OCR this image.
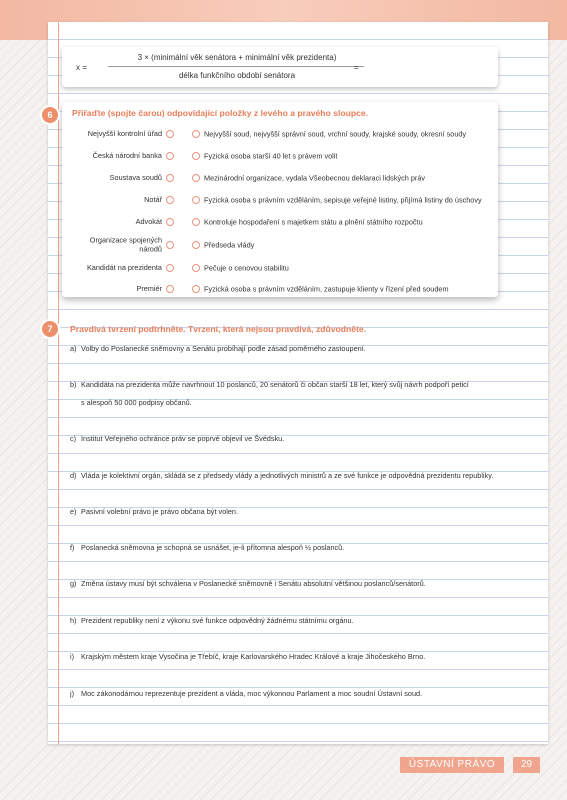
x =
3 × (minimální věk senátora + minimální věk prezidenta)
délka funkčního období senátora
=
6	Přiřaďte (spojte čarou) odpovídající položky z levého a pravého sloupce.
Nejvyšší kontrolní úřad	Nejvyšší soud, nejvyšší správní soud, vrchní soudy, krajské soudy, okresní soudy
Česká národní banka	Fyzická osoba starší 40 let s právem volit
Soustava soudů	Mezinárodní organizace, vydala Všeobecnou deklaraci lidských práv
Notář	Fyzická osoba s právním vzděláním, sepisuje veřejné listiny, přijímá listiny do úschovy
Advokát	Kontroluje hospodaření s majetkem státu a plnění státního rozpočtu
Organizace spojených národů	Předseda vlády
Kandidát na prezidenta	Pečuje o cenovou stabilitu
Premiér	Fyzická osoba s právním vzděláním, zastupuje klienty v řízení před soudem
7	Pravdivá tvrzení podtrhněte. Tvrzení, která nejsou pravdivá, zdůvodněte.
a) Volby do Poslanecké sněmovny a Senátu probíhají podle zásad poměrného zastoupení.
b) Kandidáta na prezidenta může navrhnout 10 poslanců, 20 senátorů či občan starší 18 let, který svůj návrh podpoří peticí
s alespoň 50 000 podpisy občanů.
c) Institut Veřejného ochránce práv se poprvé objevil ve Švédsku.
d) Vláda je kolektivní orgán, skládá se z předsedy vlády a jednotlivých ministrů a ze své funkce je odpovědná prezidentu republiky.
e) Pasivní volební právo je právo občana být volen.
f) Poslanecká sněmovna je schopná se usnášet, je-li přítomna alespoň ½ poslanců.
g) Změna ústavy musí být schválena v Poslanecké sněmovně i Senátu absolutní většinou poslanců/senátorů.
h) Prezident republiky není z výkonu své funkce odpovědný žádnému státnímu orgánu.
i) Krajským městem kraje Vysočina je Třebíč, kraje Karlovarského Hradec Králové a kraje Jihočeského Brno.
j) Moc zákonodárnou reprezentuje prezident a vláda, moc výkonnou Parlament a moc soudní Ústavní soud.
ÚSTAVNÍ PRÁVO	29
